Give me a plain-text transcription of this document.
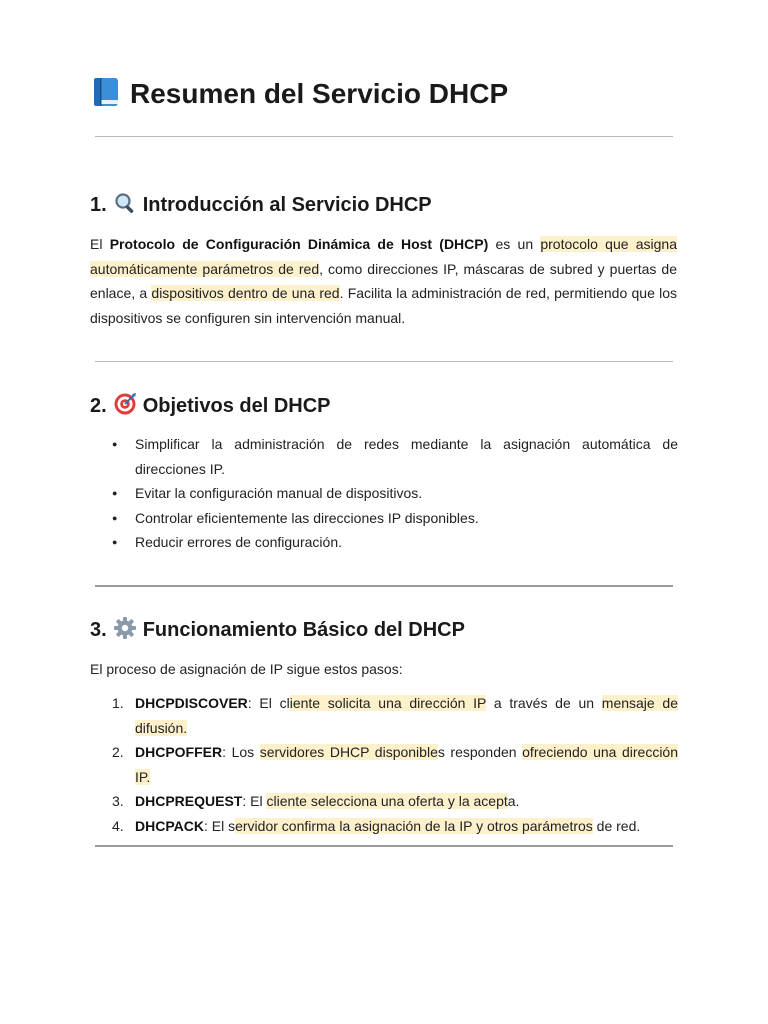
Resumen del Servicio DHCP
1. Introducción al Servicio DHCP

El Protocolo de Configuración Dinámica de Host (DHCP) es un protocolo que asigna automáticamente parámetros de red, como direcciones IP, máscaras de subred y puertas de enlace, a dispositivos dentro de una red. Facilita la administración de red, permitiendo que los dispositivos se configuren sin intervención manual.

2. Objetivos del DHCP
● Simplificar la administración de redes mediante la asignación automática de direcciones IP.
● Evitar la configuración manual de dispositivos.
● Controlar eficientemente las direcciones IP disponibles.
● Reducir errores de configuración.
3. Funcionamiento Básico del DHCP

El proceso de asignación de IP sigue estos pasos:

1. DHCPDISCOVER: El cliente solicita una dirección IP a través de un mensaje de difusión.
2. DHCPOFFER: Los servidores DHCP disponibles responden ofreciendo una dirección IP.
3. DHCPREQUEST: El cliente selecciona una oferta y la acepta.
4. DHCPACK: El servidor confirma la asignación de la IP y otros parámetros de red.
